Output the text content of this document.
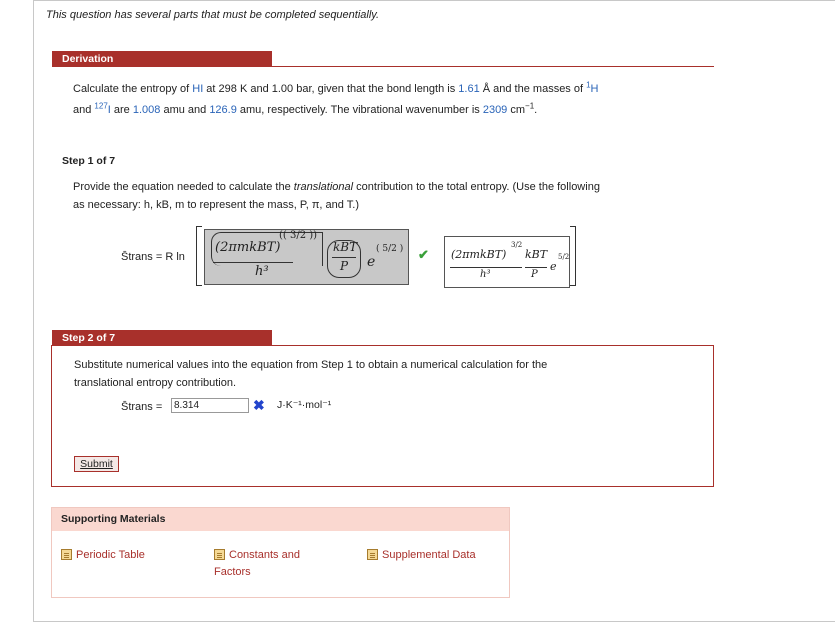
This question has several parts that must be completed sequentially.
Derivation
Calculate the entropy of HI at 298 K and 1.00 bar, given that the bond length is 1.61 Å and the masses of $^1$H
and $^{127}$I are 1.008 amu and 126.9 amu, respectively. The vibrational wavenumber is 2309 $cm^{-1}$.
Step 1 of 7
Provide the equation needed to calculate the translational contribution to the total entropy. (Use the following
as necessary: h, kB, m to represent the mass, P, π, and T.)
S̄trans = R ln
(2πmkBT)
(( 3/2 ))
h³
kBT
P e
( 5/2 ) ✔ (2πmkBT)
3/2
h³
kBT
P
e
5/2
Step 2 of 7
Substitute numerical values into the equation from Step 1 to obtain a numerical calculation for the
translational entropy contribution.
S̄trans =	8.314	✖ J·K⁻¹·mol⁻¹
Submit
Supporting Materials
Periodic Table	Constants and Factors
Supplemental Data
